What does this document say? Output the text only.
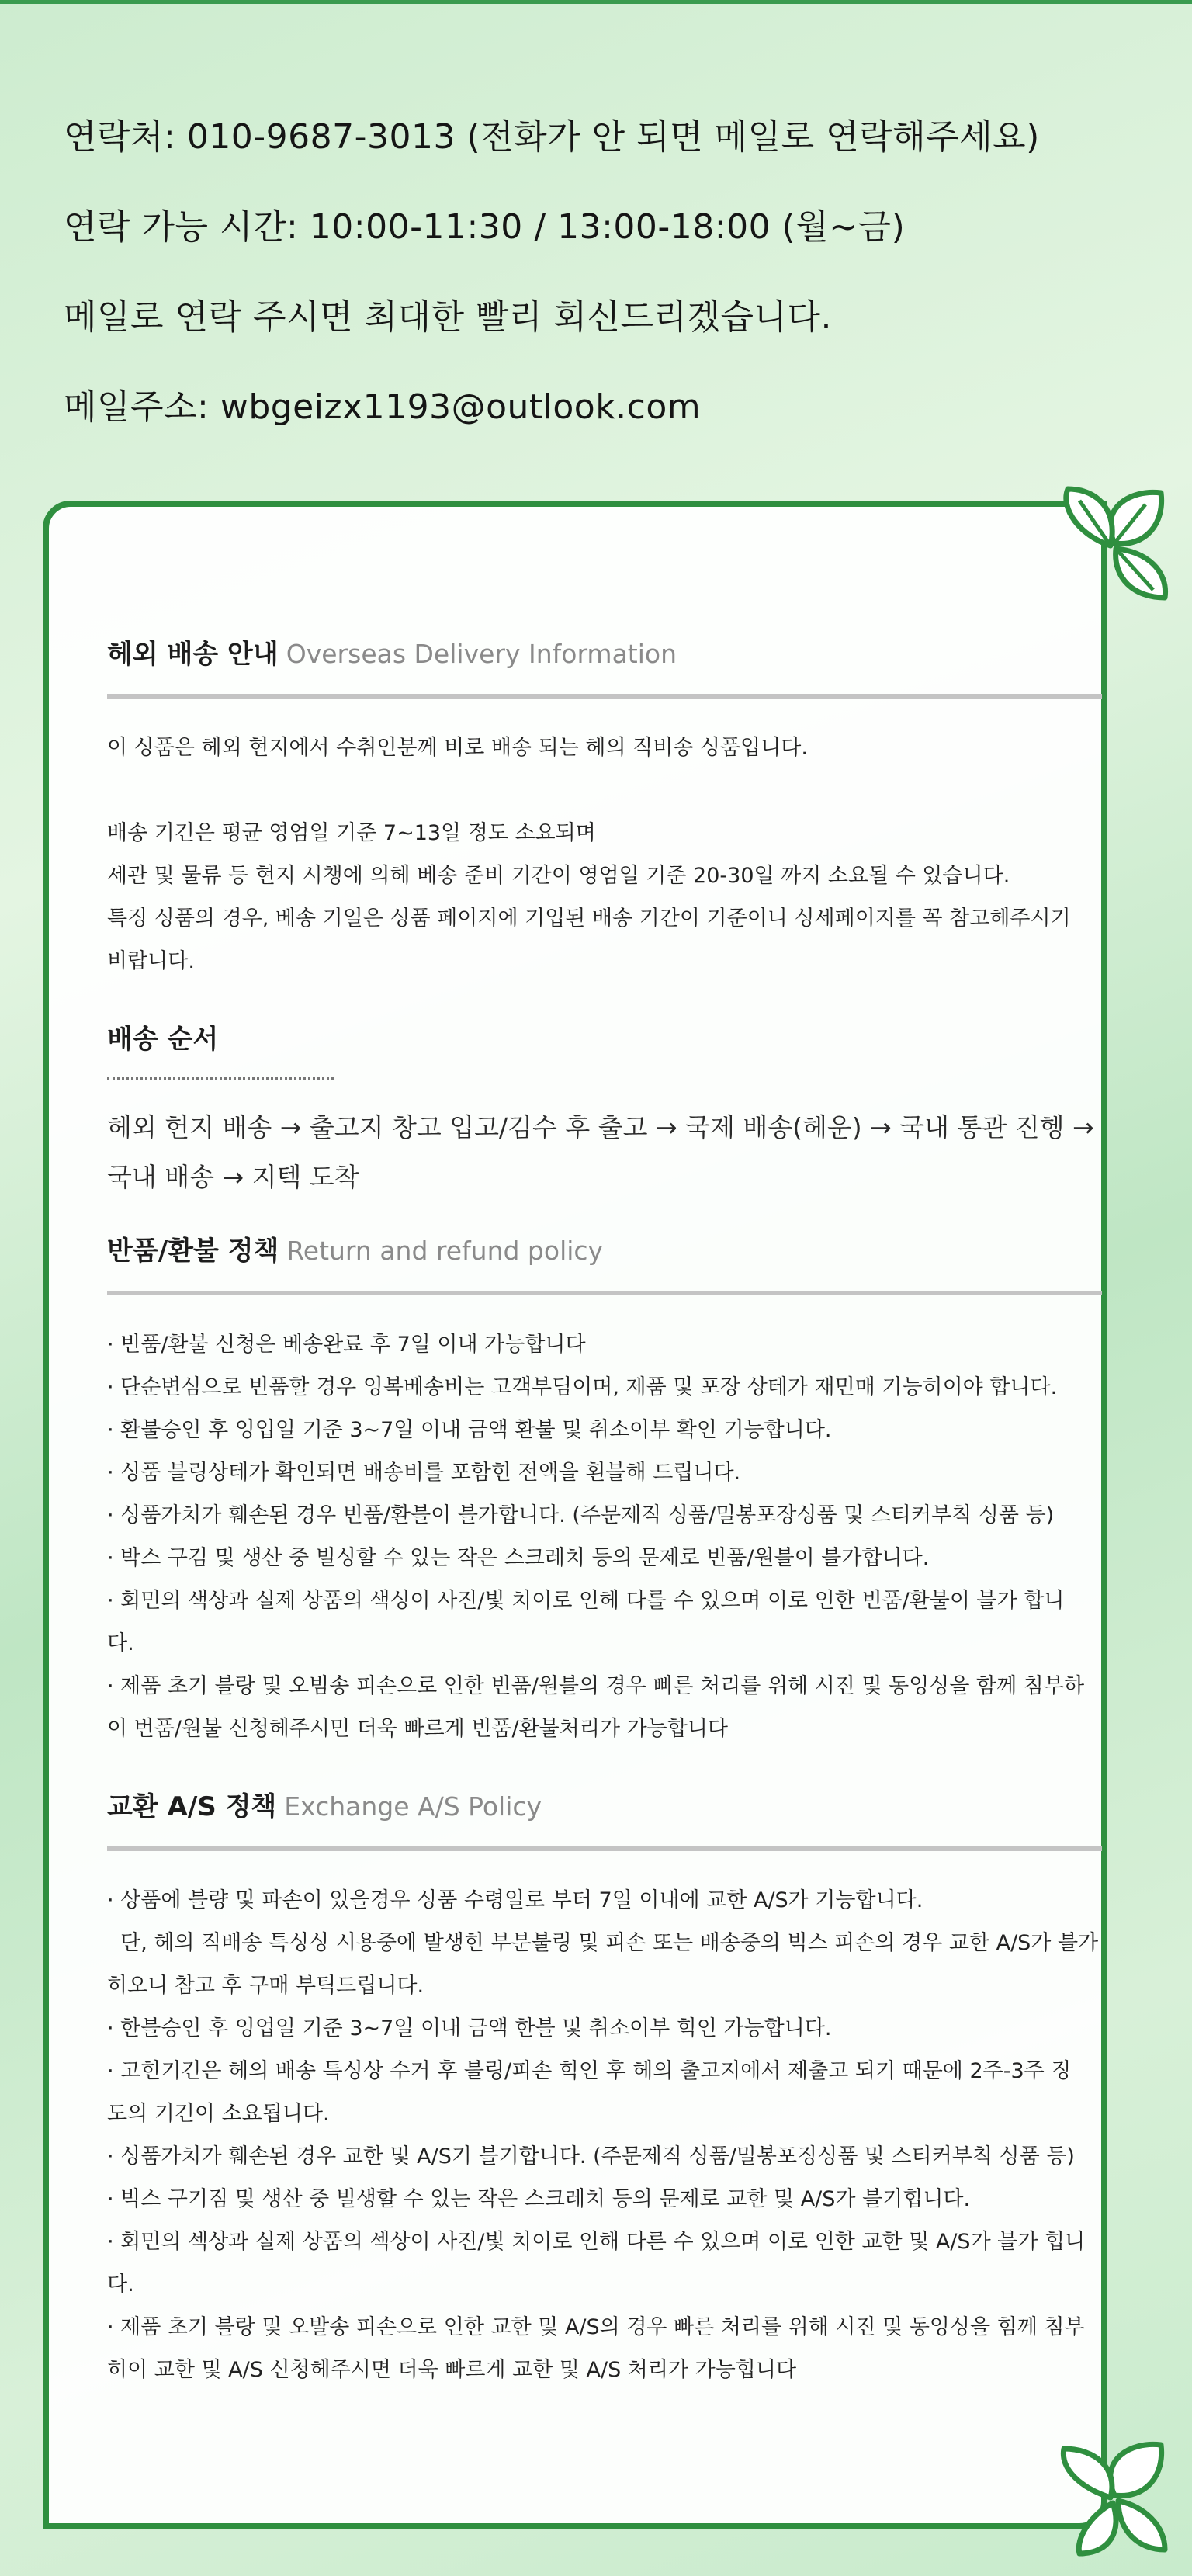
연락처: 010-9687-3013 (전화가 안 되면 메일로 연락해주세요)
연락 가능 시간: 10:00-11:30 / 13:00-18:00 (월~금)
메일로 연락 주시면 최대한 빨리 회신드리겠습니다.
메일주소: wbgeizx1193@outlook.com
헤외 배송 안내 Overseas Delivery Information
이 싱품은 헤외 현지에서 수취인분께 비로 배송 되는 헤의 직비송 싱품입니다.
배송 기긴은 평균 영엄일 기준 7~13일 정도 소요되며
세관 및 물류 등 현지 시챙에 의헤 베송 준비 기간이 영엄일 기준 20-30일 까지 소요될 수 있습니다.
특징 싱품의 경우, 베송 기일은 싱품 페이지에 기입된 배송 기간이 기준이니 싱세페이지를 꼭 참고헤주시기
비랍니다.
배송 순서
헤외 헌지 배송 → 출고지 창고 입고/김수 후 출고 → 국제 배송(헤운) → 국내 통관 진헹 →
국내 배송 → 지텍 도착
반품/환불 정책 Return and refund policy
· 빈품/환불 신청은 베송완료 후 7일 이내 가능합니다
· 단순변심으로 빈품할 경우 잉복베송비는 고객부딤이며, 제품 및 포장 상테가 재민매 기능히이야 합니다.
· 환불승인 후 잉입일 기준 3~7일 이내 금액 환불 및 취소이부 확인 기능합니다.
· 싱품 블링상테가 확인되면 배송비를 포함힌 전액을 횐블해 드립니다.
· 싱품가치가 훼손된 경우 빈품/환블이 블가합니다. (주문제직 싱품/밀봉포장싱품 및 스티커부칙 싱품 등)
· 박스 구김 및 생산 중 빌싱할 수 있는 작은 스크레치 등의 문제로 빈품/원블이 블가합니다.
· 회민의 색상과 실제 상품의 색싱이 사진/빛 치이로 인헤 다를 수 있으며 이로 인한 빈품/환불이 블가 합니
다.
· 제품 초기 블랑 및 오빔송 피손으로 인한 빈품/원블의 경우 삐른 처리를 위헤 시진 및 동잉싱을 함께 침부하
이 번품/원불 신청헤주시민 더욱 빠르게 빈품/환불처리가 가능합니다
교환 A/S 정책 Exchange A/S Policy
· 상품에 블량 및 파손이 있을경우 싱품 수령일로 부터 7일 이내에 교한 A/S가 기능합니다.
단, 헤의 직배송 특싱싱 시용중에 발생힌 부분불링 및 피손 또는 배송중의 빅스 피손의 경우 교한 A/S가 블가
히오니 참고 후 구매 부틱드립니다.
· 한블승인 후 잉업일 기준 3~7일 이내 금액 한블 및 취소이부 힉인 가능합니다.
· 고힌기긴은 헤의 배송 특싱상 수거 후 블링/피손 힉인 후 헤의 출고지에서 제출고 되기 때문에 2주-3주 징
도의 기긴이 소요됩니다.
· 싱품가치가 훼손된 경우 교한 및 A/S기 블기합니다. (주문제직 싱품/밀봉포징싱품 및 스티커부칙 싱품 등)
· 빅스 구기짐 및 생산 중 빌생할 수 있는 작은 스크레치 등의 문제로 교한 및 A/S가 블기힙니다.
· 회민의 섹상과 실제 상품의 섹상이 사진/빛 치이로 인해 다른 수 있으며 이로 인한 교한 및 A/S가 블가 힙니
다.
· 제품 초기 블랑 및 오발송 피손으로 인한 교한 및 A/S의 경우 빠른 처리를 위해 시진 및 동잉싱을 힘께 침부
히이 교한 및 A/S 신청헤주시면 더욱 빠르게 교한 및 A/S 처리가 가능힙니다
